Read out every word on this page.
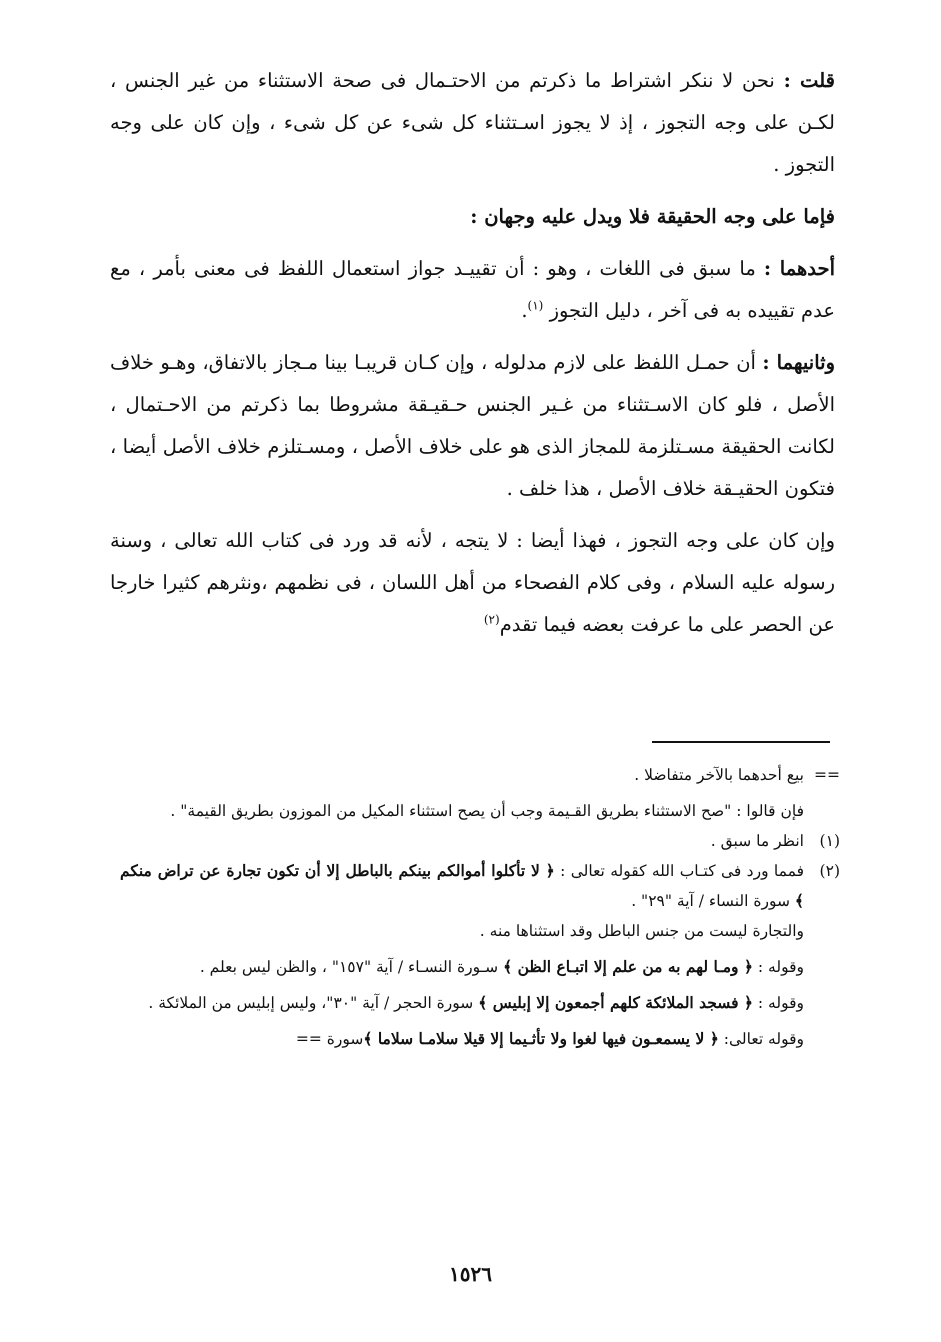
قلت : نحن لا ننكر اشتراط ما ذكرتم من الاحتـمال فى صحة الاستثناء من غير الجنس ، لكـن على وجه التجوز ، إذ لا يجوز اسـتثناء كل شىء عن كل شىء ، وإن كان على وجه التجوز .

فإما على وجه الحقيقة فلا ويدل عليه وجهان :

أحدهما : ما سبق فى اللغات ، وهو : أن تقييـد جواز استعمال اللفظ فى معنى بأمر ، مع عدم تقييده به فى آخر ، دليل التجوز $^{(١)}$.

وثانيهما : أن حمـل اللفظ على لازم مدلوله ، وإن كـان قريبـا بينا مـجاز بالاتفاق، وهـو خلاف الأصل ، فلو كان الاسـتثناء من غـير الجنس حـقيـقة مشروطا بما ذكرتم من الاحـتمال ، لكانت الحقيقة مسـتلزمة للمجاز الذى هو على خلاف الأصل ، ومسـتلزم خلاف الأصل أيضا ، فتكون الحقيـقة خلاف الأصل ، هذا خلف .

وإن كان على وجه التجوز ، فهذا أيضا : لا يتجه ، لأنه قد ورد فى كتاب الله تعالى ، وسنة رسوله عليه السلام ، وفى كلام الفصحاء من أهل اللسان ، فى نظمهم ،ونثرهم كثيرا خارجا عن الحصر على ما عرفت بعضه فيما تقدم$^{(٢)}$

==

بيع أحدهما بالآخر متفاضلا .

فإن قالوا : "صح الاستثناء بطريق القـيمة وجب أن يصح استثناء المكيل من الموزون بطريق القيمة" .

(١)

انظر ما سبق .

(٢)

فمما ورد فى كتـاب الله كقوله تعالى : ﴿ لا تأكلوا أموالكم بينكم بالباطل إلا أن تكون تجارة عن تراض منكم ﴾ سورة النساء / آية "٢٩" .

والتجارة ليست من جنس الباطل وقد استثناها منه .

وقوله : ﴿ ومـا لهم به من علم إلا اتبـاع الظن ﴾ سـورة النسـاء / آية "١٥٧" ، والظن ليس بعلم .

وقوله : ﴿ فسجد الملائكة كلهم أجمعون إلا إبليس ﴾ سورة الحجر / آية "٣٠"، وليس إبليس من الملائكة .

وقوله تعالى: ﴿ لا يسمعـون فيها لغوا ولا تأثـيما إلا قيلا سلامـا سلاما ﴾سورة ==

١٥٢٦
